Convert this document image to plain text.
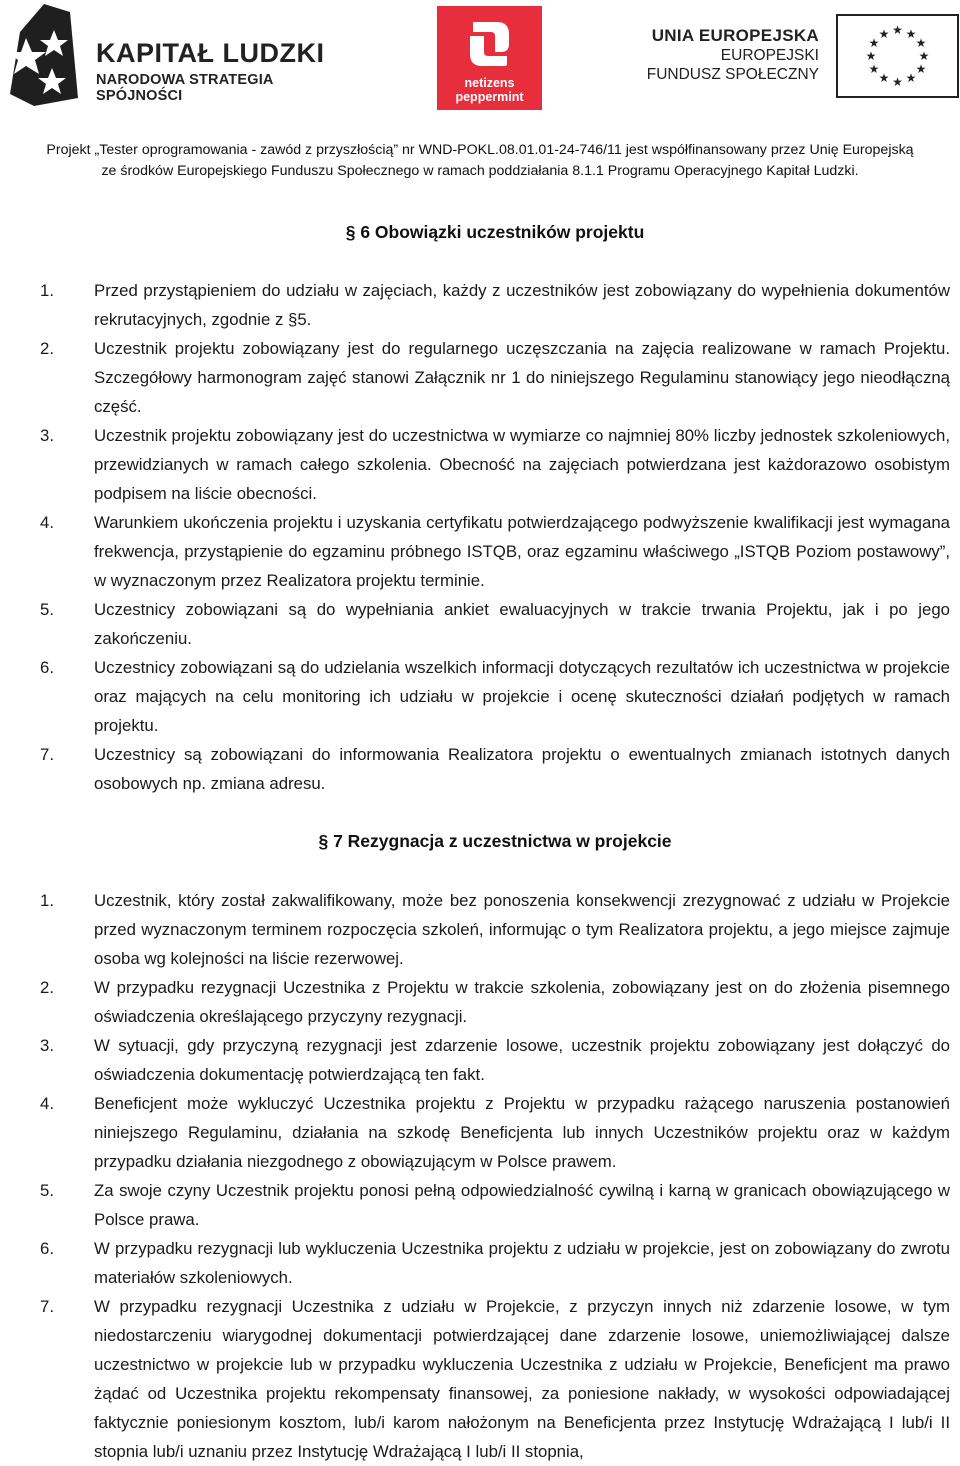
KAPITAŁ LUDZKI
NARODOWA STRATEGIA SPÓJNOŚCI
netizens
peppermint
UNIA EUROPEJSKA
EUROPEJSKI
FUNDUSZ SPOŁECZNY
★ ★
★
★
★
★
★
★
★
★
★
★
Projekt „Tester oprogramowania - zawód z przyszłością” nr WND-POKL.08.01.01-24-746/11 jest współfinansowany przez Unię Europejską
ze środków Europejskiego Funduszu Społecznego w ramach poddziałania 8.1.1 Programu Operacyjnego Kapitał Ludzki.
§ 6 Obowiązki uczestników projektu
1. Przed przystąpieniem do udziału w zajęciach, każdy z uczestników jest zobowiązany do wypełnienia dokumentów rekrutacyjnych, zgodnie z §5.
2. Uczestnik projektu zobowiązany jest do regularnego uczęszczania na zajęcia realizowane w ramach Projektu. Szczegółowy harmonogram zajęć stanowi Załącznik nr 1 do niniejszego Regulaminu stanowiący jego nieodłączną część.
3. Uczestnik projektu zobowiązany jest do uczestnictwa w wymiarze co najmniej 80% liczby jednostek szkoleniowych, przewidzianych w ramach całego szkolenia. Obecność na zajęciach potwierdzana jest każdorazowo osobistym podpisem na liście obecności.
4. Warunkiem ukończenia projektu i uzyskania certyfikatu potwierdzającego podwyższenie kwalifikacji jest wymagana frekwencja, przystąpienie do egzaminu próbnego ISTQB, oraz egzaminu właściwego „ISTQB Poziom postawowy”, w wyznaczonym przez Realizatora projektu terminie.
5. Uczestnicy zobowiązani są do wypełniania ankiet ewaluacyjnych w trakcie trwania Projektu, jak i po jego zakończeniu.
6. Uczestnicy zobowiązani są do udzielania wszelkich informacji dotyczących rezultatów ich uczestnictwa w projekcie oraz mających na celu monitoring ich udziału w projekcie i ocenę skuteczności działań podjętych w ramach projektu.
7. Uczestnicy są zobowiązani do informowania Realizatora projektu o ewentualnych zmianach istotnych danych osobowych np. zmiana adresu.
§ 7 Rezygnacja z uczestnictwa w projekcie
1. Uczestnik, który został zakwalifikowany, może bez ponoszenia konsekwencji zrezygnować z udziału w Projekcie przed wyznaczonym terminem rozpoczęcia szkoleń, informując o tym Realizatora projektu, a jego miejsce zajmuje osoba wg kolejności na liście rezerwowej.
2. W przypadku rezygnacji Uczestnika z Projektu w trakcie szkolenia, zobowiązany jest on do złożenia pisemnego oświadczenia określającego przyczyny rezygnacji.
3. W sytuacji, gdy przyczyną rezygnacji jest zdarzenie losowe, uczestnik projektu zobowiązany jest dołączyć do oświadczenia dokumentację potwierdzającą ten fakt.
4. Beneficjent może wykluczyć Uczestnika projektu z Projektu w przypadku rażącego naruszenia postanowień niniejszego Regulaminu, działania na szkodę Beneficjenta lub innych Uczestników projektu oraz w każdym przypadku działania niezgodnego z obowiązującym w Polsce prawem.
5. Za swoje czyny Uczestnik projektu ponosi pełną odpowiedzialność cywilną i karną w granicach obowiązującego w Polsce prawa.
6. W przypadku rezygnacji lub wykluczenia Uczestnika projektu z udziału w projekcie, jest on zobowiązany do zwrotu materiałów szkoleniowych.
7. W przypadku rezygnacji Uczestnika z udziału w Projekcie, z przyczyn innych niż zdarzenie losowe, w tym niedostarczeniu wiarygodnej dokumentacji potwierdzającej dane zdarzenie losowe, uniemożliwiającej dalsze uczestnictwo w projekcie lub w przypadku wykluczenia Uczestnika z udziału w Projekcie, Beneficjent ma prawo żądać od Uczestnika projektu rekompensaty finansowej, za poniesione nakłady, w wysokości odpowiadającej faktycznie poniesionym kosztom, lub/i karom nałożonym na Beneficjenta przez Instytucję Wdrażającą I lub/i II stopnia lub/i uznaniu przez Instytucję Wdrażającą I lub/i II stopnia,
